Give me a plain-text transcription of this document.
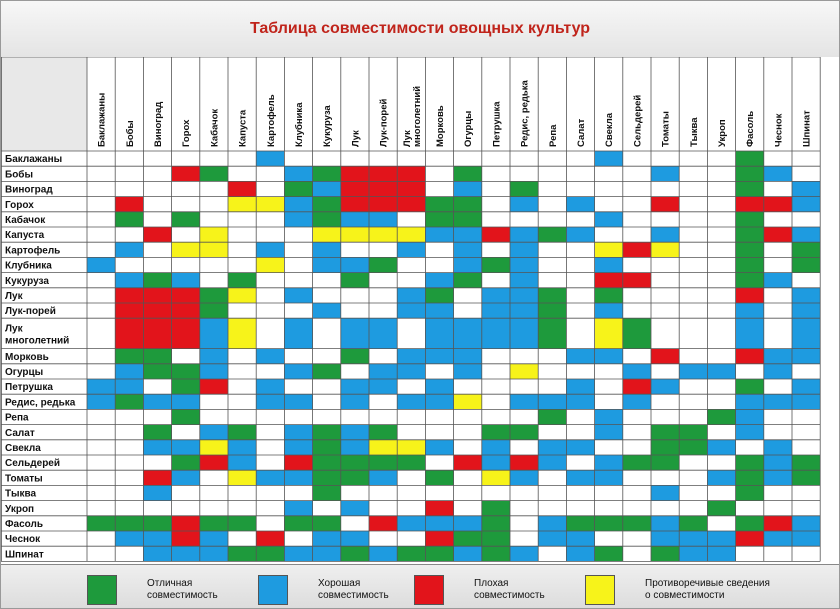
Таблица совместимости овощных культур
Баклажаны Бобы Виноград Горох Кабачок Капуста Картофель Клубника Кукуруза Лук Лук-порей Лукмноголетний Морковь Огурцы Петрушка Редис, редька Репа Салат Свекла Сельдерей Томаты Тыква Укроп Фасоль Чеснок Шпинат
Баклажаны
Бобы
Виноград
Горох
Кабачок
Капуста
Картофель
Клубника
Кукуруза
Лук
Лук-порей
Лук многолетний
Морковь
Огурцы
Петрушка
Редис, редька
Репа
Салат
Свекла
Сельдерей
Томаты
Тыква
Укроп
Фасоль
Чеснок
Шпинат
Отличная
совместимость
Хорошая
совместимость
Плохая
совместимость
Противоречивые сведения
о совместимости
